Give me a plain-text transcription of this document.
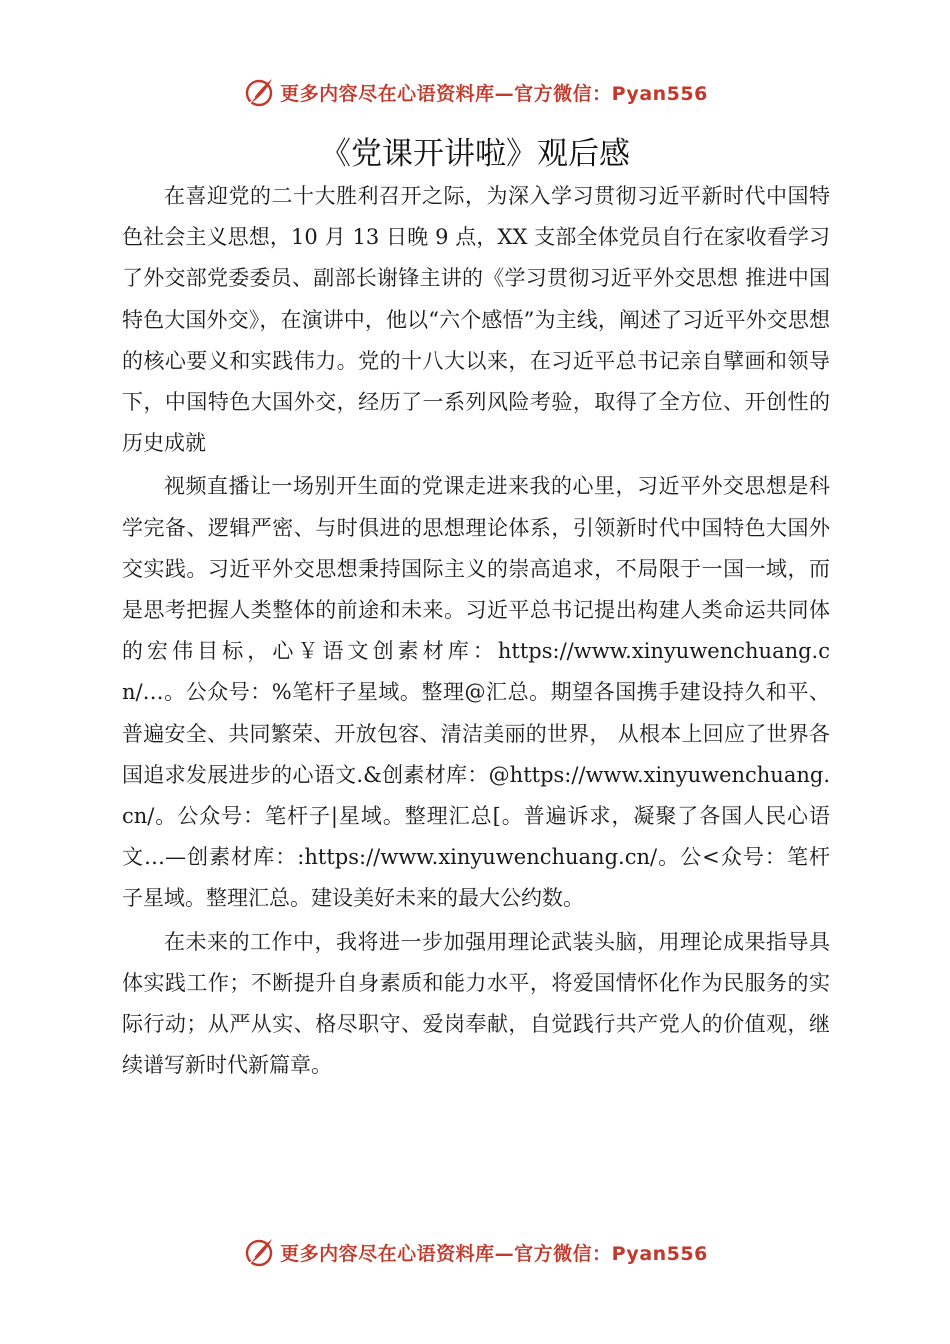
更多内容尽在心语资料库—官方微信：Pyan556
《党课开讲啦》观后感

在喜迎党的二十大胜利召开之际，为深入学习贯彻习近平新时代中国特色社会主义思想，10 月 13 日晚 9 点，XX 支部全体党员自行在家收看学习了外交部党委委员、副部长谢锋主讲的《学习贯彻习近平外交思想 推进中国特色大国外交》，在演讲中，他以“六个感悟”为主线，阐述了习近平外交思想的核心要义和实践伟力。党的十八大以来，在习近平总书记亲自擘画和领导下，中国特色大国外交，经历了一系列风险考验，取得了全方位、开创性的历史成就

视频直播让一场别开生面的党课走进来我的心里，习近平外交思想是科学完备、逻辑严密、与时俱进的思想理论体系，引领新时代中国特色大国外交实践。习近平外交思想秉持国际主义的崇高追求，不局限于一国一域，而是思考把握人类整体的前途和未来。习近平总书记提出构建人类命运共同体的宏伟目标，心￥语文创素材库：https://www.xinyuwenchuang.cn/…。公众号：%笔杆子星域。整理@汇总。期望各国携手建设持久和平、普遍安全、共同繁荣、开放包容、清洁美丽的世界， 从根本上回应了世界各国追求发展进步的心语文.&创素材库：@https://www.xinyuwenchuang.cn/。公众号：笔杆子|星域。整理汇总[。普遍诉求，凝聚了各国人民心语文…—创素材库：:https://www.xinyuwenchuang.cn/。公<众号：笔杆子星域。整理汇总。建设美好未来的最大公约数。

在未来的工作中，我将进一步加强用理论武装头脑，用理论成果指导具体实践工作；不断提升自身素质和能力水平，将爱国情怀化作为民服务的实际行动；从严从实、格尽职守、爱岗奉献，自觉践行共产党人的价值观，继续谱写新时代新篇章。

更多内容尽在心语资料库—官方微信：Pyan556
